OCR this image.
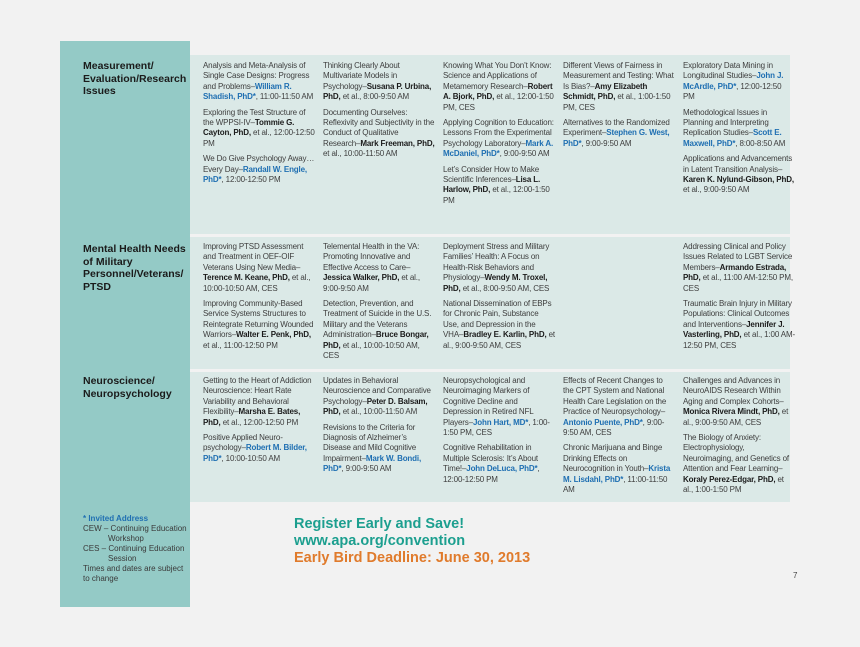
Measurement/ Evaluation/Research Issues
Mental Health Needs of Military Personnel/Veterans/ PTSD
Neuroscience/ Neuropsychology
Analysis and Meta-Analysis of Single Case Designs: Progress and Problems–William R. Shadish, PhD*, 11:00-11:50 AM
Exploring the Test Structure of the WPPSI-IV–Tommie G. Cayton, PhD, et al., 12:00-12:50 PM
We Do Give Psychology Away… Every Day–Randall W. Engle, PhD*, 12:00-12:50 PM
Thinking Clearly About Multivariate Models in Psychology–Susana P. Urbina, PhD, et al., 8:00-9:50 AM
Documenting Ourselves: Reflexivity and Subjectivity in the Conduct of Qualitative Research–Mark Freeman, PhD, et al., 10:00-11:50 AM
Knowing What You Don’t Know: Science and Applications of Metamemory Research–Robert A. Bjork, PhD, et al., 12:00-1:50 PM, CES
Applying Cognition to Education: Lessons From the Experimental Psychology Laboratory–Mark A. McDaniel, PhD*, 9:00-9:50 AM
Let’s Consider How to Make Scientific Inferences–Lisa L. Harlow, PhD, et al., 12:00-1:50 PM
Different Views of Fairness in Measurement and Testing: What Is Bias?–Amy Elizabeth Schmidt, PhD, et al., 1:00-1:50 PM, CES
Alternatives to the Randomized Experiment–Stephen G. West, PhD*, 9:00-9:50 AM
Exploratory Data Mining in Longitudinal Studies–John J. McArdle, PhD*, 12:00-12:50 PM
Methodological Issues in Planning and Interpreting Replication Studies–Scott E. Maxwell, PhD*, 8:00-8:50 AM
Applications and Advancements in Latent Transition Analysis–Karen K. Nylund-Gibson, PhD, et al., 9:00-9:50 AM
Improving PTSD Assessment and Treatment in OEF-OIF Veterans Using New Media–Terence M. Keane, PhD, et al., 10:00-10:50 AM, CES
Improving Community-Based Service Systems Structures to Reintegrate Returning Wounded Warriors–Walter E. Penk, PhD, et al., 11:00-12:50 PM
Telemental Health in the VA: Promoting Innovative and Effective Access to Care–Jessica Walker, PhD, et al., 9:00-9:50 AM
Detection, Prevention, and Treatment of Suicide in the U.S. Military and the Veterans Administration–Bruce Bongar, PhD, et al., 10:00-10:50 AM, CES
Deployment Stress and Military Families’ Health: A Focus on Health-Risk Behaviors and Physiology–Wendy M. Troxel, PhD, et al., 8:00-9:50 AM, CES
National Dissemination of EBPs for Chronic Pain, Substance Use, and Depression in the VHA–Bradley E. Karlin, PhD, et al., 9:00-9:50 AM, CES
Addressing Clinical and Policy Issues Related to LGBT Service Members–Armando Estrada, PhD, et al., 11:00 AM-12:50 PM, CES
Traumatic Brain Injury in Military Populations: Clinical Outcomes and Interventions–Jennifer J. Vasterling, PhD, et al., 1:00 AM-12:50 PM, CES
Getting to the Heart of Addiction Neuroscience: Heart Rate Variability and Behavioral Flexibility–Marsha E. Bates, PhD, et al., 12:00-12:50 PM
Positive Applied Neuro-psychology–Robert M. Bilder, PhD*, 10:00-10:50 AM
Updates in Behavioral Neuroscience and Comparative Psychology–Peter D. Balsam, PhD, et al., 10:00-11:50 AM
Revisions to the Criteria for Diagnosis of Alzheimer’s Disease and Mild Cognitive Impairment–Mark W. Bondi, PhD*, 9:00-9:50 AM
Neuropsychological and Neuroimaging Markers of Cognitive Decline and Depression in Retired NFL Players–John Hart, MD*, 1:00-1:50 PM, CES
Cognitive Rehabilitation in Multiple Sclerosis: It’s About Time!–John DeLuca, PhD*, 12:00-12:50 PM
Effects of Recent Changes to the CPT System and National Health Care Legislation on the Practice of Neuropsychology–Antonio Puente, PhD*, 9:00-9:50 AM, CES
Chronic Marijuana and Binge Drinking Effects on Neurocognition in Youth–Krista M. Lisdahl, PhD*, 11:00-11:50 AM
Challenges and Advances in NeuroAIDS Research Within Aging and Complex Cohorts–Monica Rivera Mindt, PhD, et al., 9:00-9:50 AM, CES
The Biology of Anxiety: Electrophysiology, Neuroimaging, and Genetics of Attention and Fear Learning–Koraly Perez-Edgar, PhD, et al., 1:00-1:50 PM
* Invited Address
CEW – Continuing Education
Workshop
CES – Continuing Education
Session
Times and dates are subject to change
Register Early and Save!
www.apa.org/convention
Early Bird Deadline: June 30, 2013
7
